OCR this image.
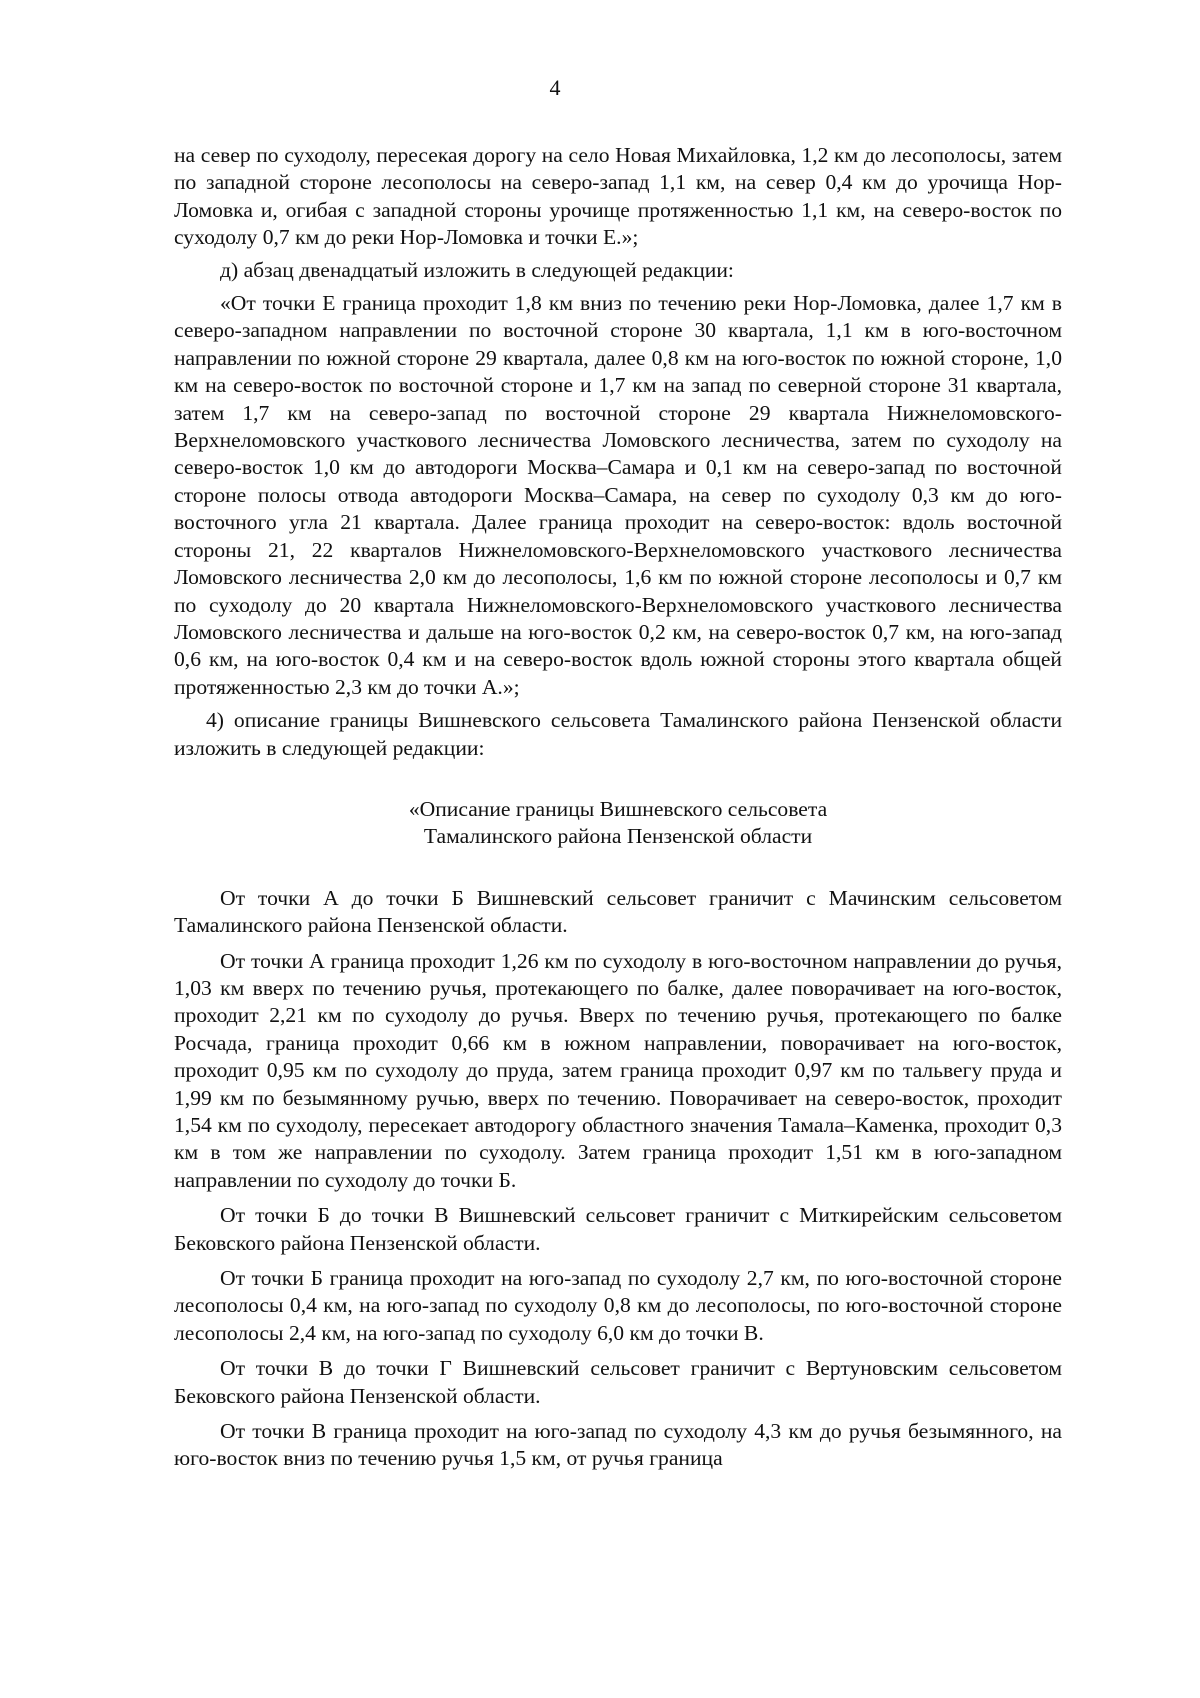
4

на север по суходолу, пересекая дорогу на село Новая Михайловка, 1,2 км до лесополосы, затем по западной стороне лесополосы на северо-запад 1,1 км, на север 0,4 км до урочища Нор-Ломовка и, огибая с западной стороны урочище протяженностью 1,1 км, на северо-восток по суходолу 0,7 км до реки Нор-Ломовка и точки Е.»;

д) абзац двенадцатый изложить в следующей редакции:

«От точки Е граница проходит 1,8 км вниз по течению реки Нор-Ломовка, далее 1,7 км в северо-западном направлении по восточной стороне 30 квартала, 1,1 км в юго-восточном направлении по южной стороне 29 квартала, далее 0,8 км на юго-восток по южной стороне, 1,0 км на северо-восток по восточной стороне и 1,7 км на запад по северной стороне 31 квартала, затем 1,7 км на северо-запад по восточной стороне 29 квартала Нижнеломовского-Верхнеломовского участкового лесничества Ломовского лесничества, затем по суходолу на северо-восток 1,0 км до автодороги Москва–Самара и 0,1 км на северо-запад по восточной стороне полосы отвода автодороги Москва–Самара, на север по суходолу 0,3 км до юго-восточного угла 21 квартала. Далее граница проходит на северо-восток: вдоль восточной стороны 21, 22 кварталов Нижнеломовского-Верхнеломовского участкового лесничества Ломовского лесничества 2,0 км до лесополосы, 1,6 км по южной стороне лесополосы и 0,7 км по суходолу до 20 квартала Нижнеломовского-Верхнеломовского участкового лесничества Ломовского лесничества и дальше на юго-восток 0,2 км, на северо-восток 0,7 км, на юго-запад 0,6 км, на юго-восток 0,4 км и на северо-восток вдоль южной стороны этого квартала общей протяженностью 2,3 км до точки А.»;

4) описание границы Вишневского сельсовета Тамалинского района Пензенской области изложить в следующей редакции:

«Описание границы Вишневского сельсовета
Тамалинского района Пензенской области

От точки А до точки Б Вишневский сельсовет граничит с Мачинским сельсоветом Тамалинского района Пензенской области.

От точки А граница проходит 1,26 км по суходолу в юго-восточном направлении до ручья, 1,03 км вверх по течению ручья, протекающего по балке, далее поворачивает на юго-восток, проходит 2,21 км по суходолу до ручья. Вверх по течению ручья, протекающего по балке Росчада, граница проходит 0,66 км в южном направлении, поворачивает на юго-восток, проходит 0,95 км по суходолу до пруда, затем граница проходит 0,97 км по тальвегу пруда и 1,99 км по безымянному ручью, вверх по течению. Поворачивает на северо-восток, проходит 1,54 км по суходолу, пересекает автодорогу областного значения Тамала–Каменка, проходит 0,3 км в том же направлении по суходолу. Затем граница проходит 1,51 км в юго-западном направлении по суходолу до точки Б.

От точки Б до точки В Вишневский сельсовет граничит с Миткирейским сельсоветом Бековского района Пензенской области.

От точки Б граница проходит на юго-запад по суходолу 2,7 км, по юго-восточной стороне лесополосы 0,4 км, на юго-запад по суходолу 0,8 км до лесополосы, по юго-восточной стороне лесополосы 2,4 км, на юго-запад по суходолу 6,0 км до точки В.

От точки В до точки Г Вишневский сельсовет граничит с Вертуновским сельсоветом Бековского района Пензенской области.

От точки В граница проходит на юго-запад по суходолу 4,3 км до ручья безымянного, на юго-восток вниз по течению ручья 1,5 км, от ручья граница
